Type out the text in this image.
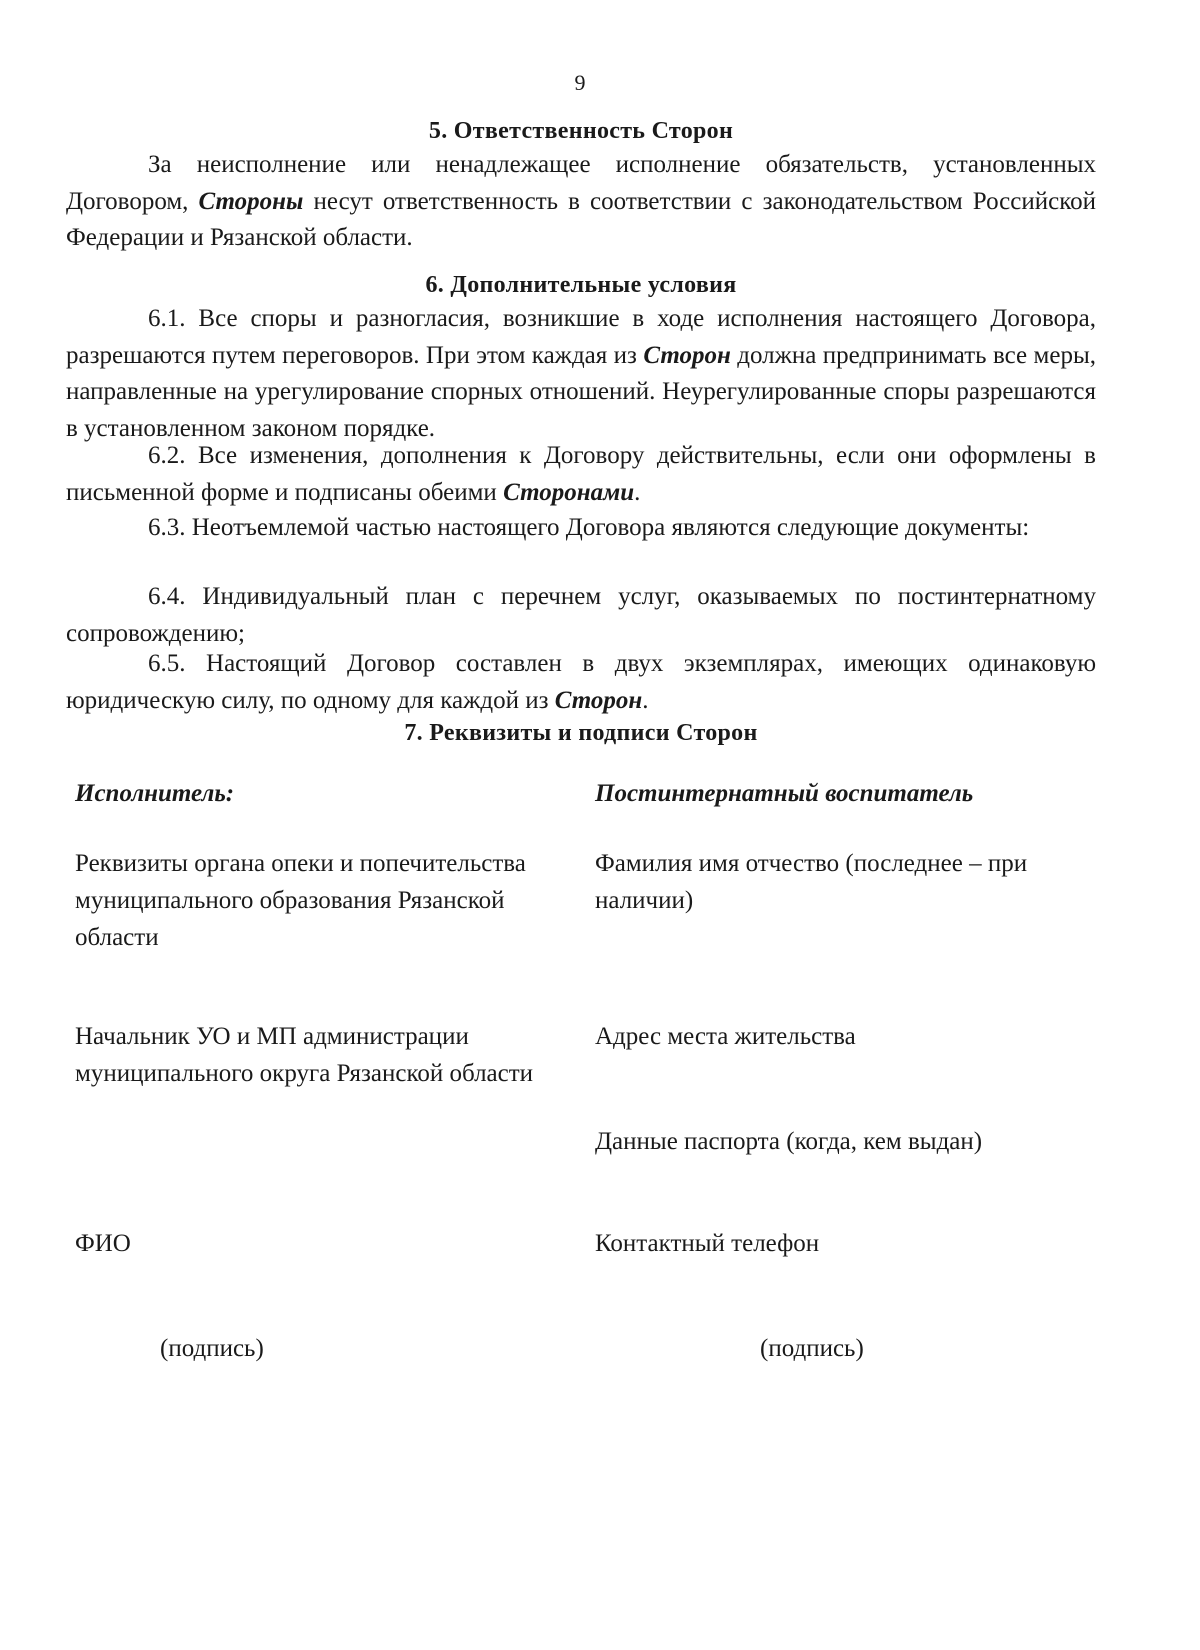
9
5. Ответственность Сторон
За неисполнение или ненадлежащее исполнение обязательств, установленных Договором, Стороны несут ответственность в соответствии с законодательством Российской Федерации и Рязанской области.
6. Дополнительные условия
6.1. Все споры и разногласия, возникшие в ходе исполнения настоящего Договора, разрешаются путем переговоров. При этом каждая из Сторон должна предпринимать все меры, направленные на урегулирование спорных отношений. Неурегулированные споры разрешаются в установленном законом порядке.
6.2. Все изменения, дополнения к Договору действительны, если они оформлены в письменной форме и подписаны обеими Сторонами.
6.3. Неотъемлемой частью настоящего Договора являются следующие документы:
6.4. Индивидуальный план с перечнем услуг, оказываемых по постинтернатному сопровождению;
6.5. Настоящий Договор составлен в двух экземплярах, имеющих одинаковую юридическую силу, по одному для каждой из Сторон.
7. Реквизиты и подписи Сторон
Исполнитель:
Реквизиты органа опеки и попечительства муниципального образования Рязанской области
Начальник УО и МП администрации муниципального округа Рязанской области
ФИО
(подпись)
Постинтернатный воспитатель
Фамилия имя отчество (последнее – при наличии)
Адрес места жительства
Данные паспорта (когда, кем выдан)
Контактный телефон
(подпись)
